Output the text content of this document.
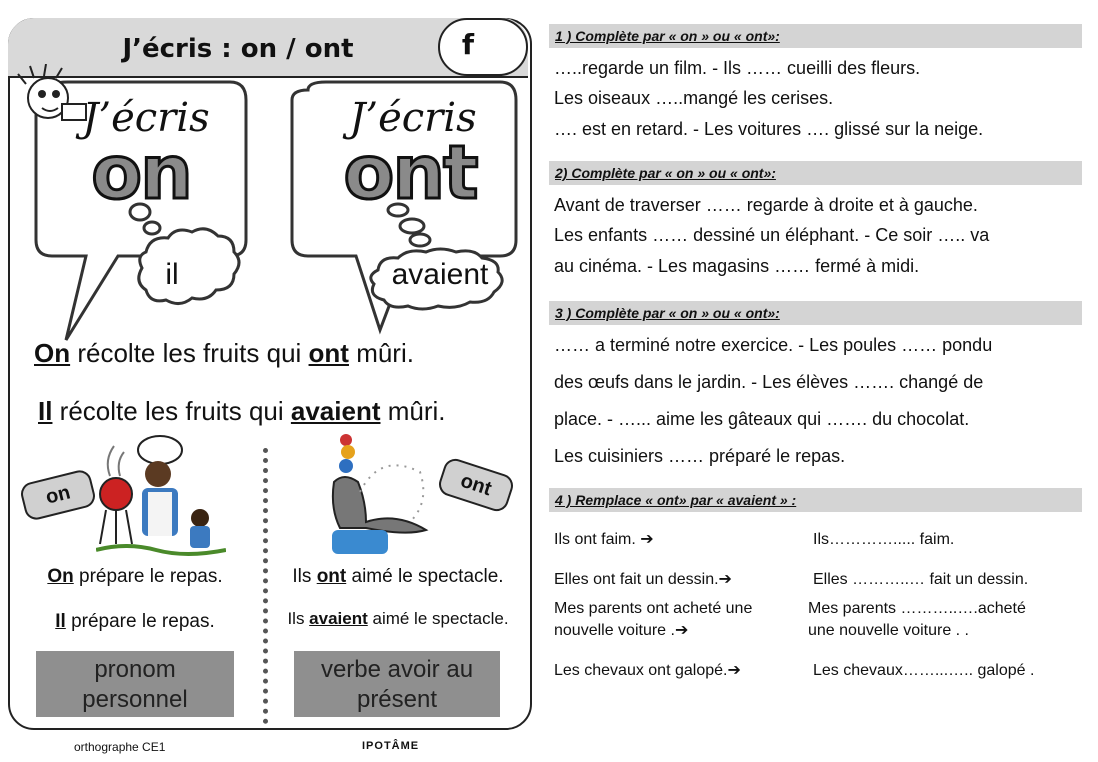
J’écris : on / ont	f
J’écris
on
il
J’écris
ont
avaient
On récolte les fruits qui ont mûri.
Il récolte les fruits qui avaient mûri.
on	ont
On prépare le repas.
Il prépare le repas.
Ils ont aimé le spectacle.
Ils avaient aimé le spectacle.
pronom
personnel
verbe avoir au
présent
orthographe CE1	IPOTÂME
1 ) Complète par « on » ou « ont»:
…..regarde un film. - Ils …… cueilli des fleurs.
Les oiseaux …..mangé les cerises.
…. est en retard. - Les voitures …. glissé sur la neige.
2) Complète par « on » ou « ont»:
Avant de traverser …… regarde à droite et à gauche.
Les enfants …… dessiné un éléphant. - Ce soir ….. va
au cinéma. - Les magasins …… fermé à midi.
3 ) Complète par « on » ou « ont»:
…… a terminé notre exercice. - Les poules …… pondu
des œufs dans le jardin. - Les élèves ……. changé de
place. - …... aime les gâteaux qui ……. du chocolat.
Les cuisiniers …… préparé le repas.
4 ) Remplace « ont» par « avaient » :
Ils ont faim. ➔	Ils…………..... faim.
Elles ont fait un dessin.➔	Elles ………..… fait un dessin.
Mes parents ont acheté une
nouvelle voiture .➔
Mes parents ………..….acheté
une nouvelle voiture . .
Les chevaux ont galopé.➔	Les chevaux……...….. galopé .
